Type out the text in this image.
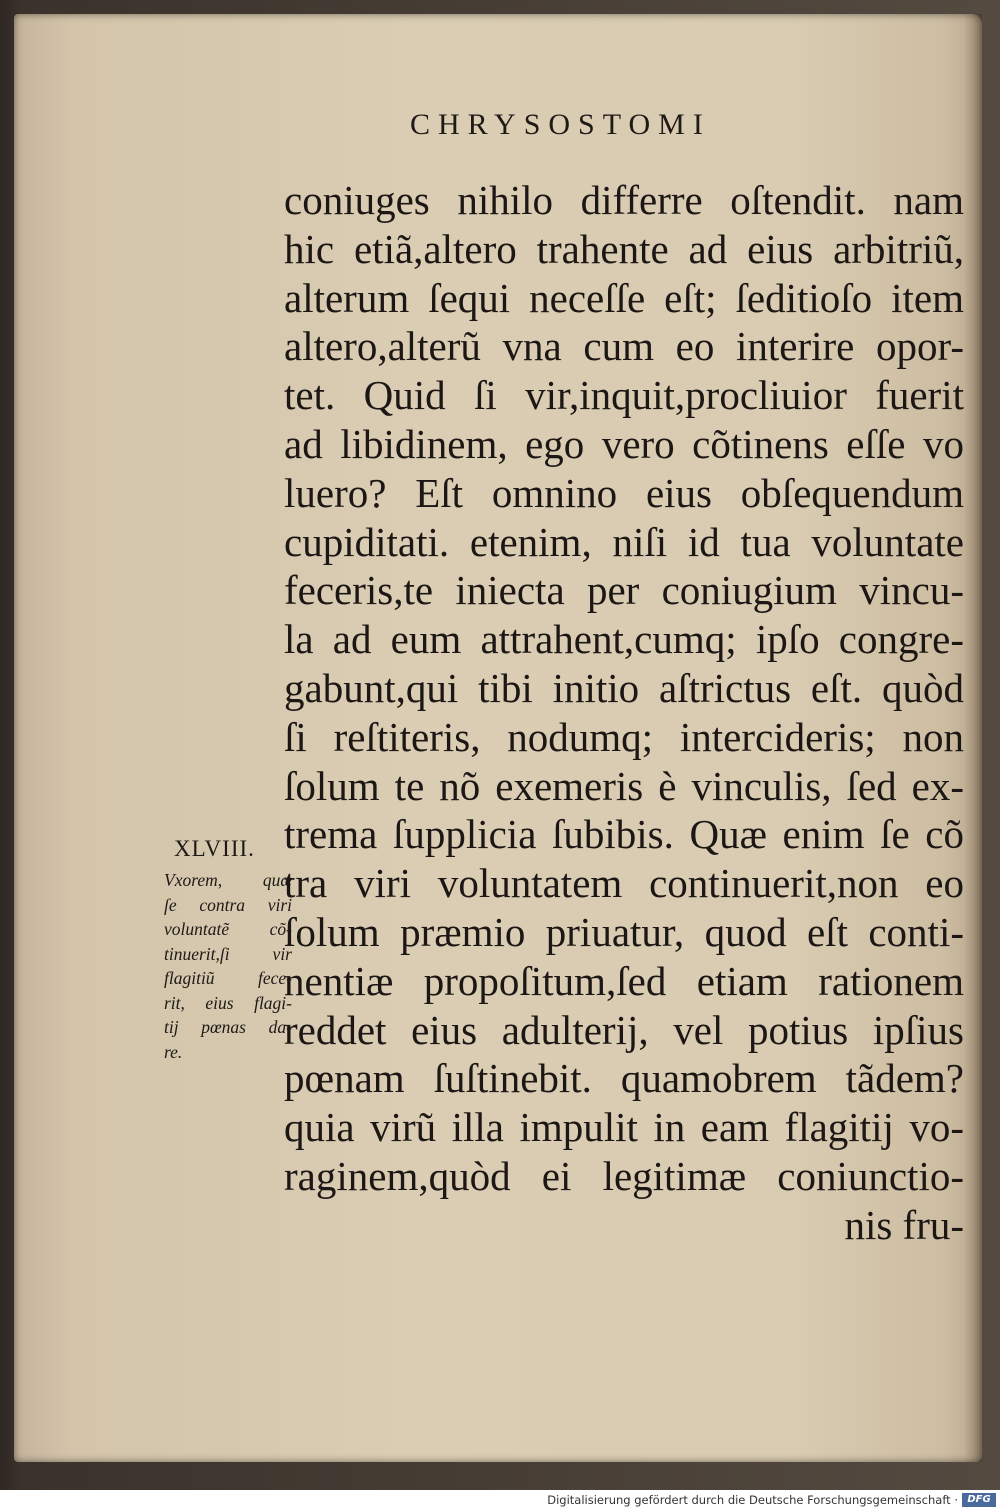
CHRYSOSTOMI
coniuges nihilo differre oſtendit. nam
hic etiã,altero trahente ad eius arbitriũ,
alterum ſequi neceſſe eſt; ſeditioſo item
altero,alterũ vna cum eo interire opor-
tet. Quid ſi vir,inquit,procliuior fuerit
ad libidinem, ego vero cõtinens eſſe vo
luero? Eſt omnino eius obſequendum
cupiditati. etenim, niſi id tua voluntate
feceris,te iniecta per coniugium vincu-
la ad eum attrahent,cumq; ipſo congre-
gabunt,qui tibi initio aſtrictus eſt. quòd
ſi reſtiteris, nodumq; intercideris; non
ſolum te nõ exemeris è vinculis, ſed ex-
trema ſupplicia ſubibis. Quæ enim ſe cõ
tra viri voluntatem continuerit,non eo
ſolum præmio priuatur, quod eſt conti-
nentiæ propoſitum,ſed etiam rationem
reddet eius adulterij, vel potius ipſius
pœnam ſuſtinebit. quamobrem tãdem?
quia virũ illa impulit in eam flagitij vo-
raginem,quòd ei legitimæ coniunctio-
nis fru-
XLVIII.
Vxorem, quæ
ſe contra viri
voluntatẽ cõ-
tinuerit,ſi vir
flagitiũ fece-
rit, eius flagi-
tij pœnas da-
re.
Digitalisierung gefördert durch die Deutsche Forschungsgemeinschaft · DFG
